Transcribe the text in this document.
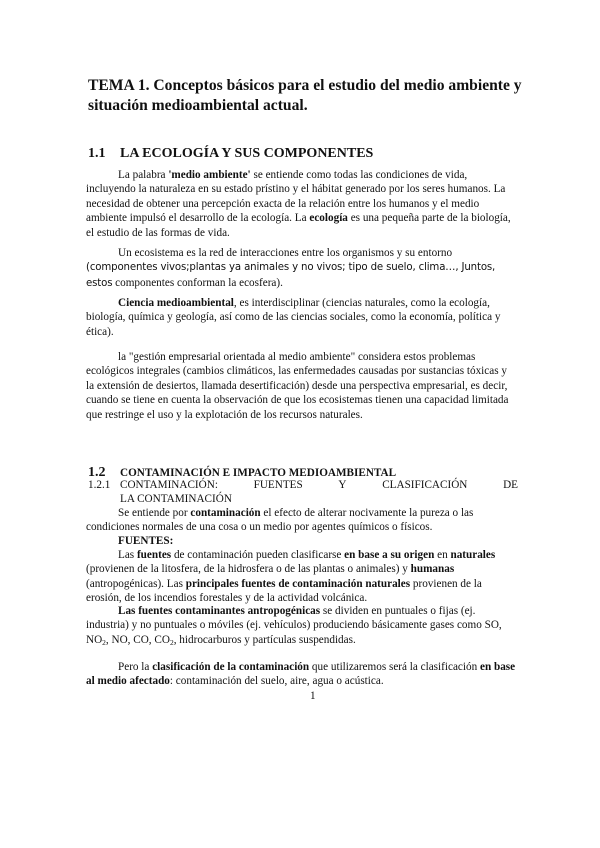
TEMA 1. Conceptos básicos para el estudio del medio ambiente y situación medioambiental actual.
1.1 LA ECOLOGÍA Y SUS COMPONENTES

La palabra 'medio ambiente' se entiende como todas las condiciones de vida, incluyendo la naturaleza en su estado prístino y el hábitat generado por los seres humanos. La necesidad de obtener una percepción exacta de la relación entre los humanos y el medio ambiente impulsó el desarrollo de la ecología. La ecología es una pequeña parte de la biología, el estudio de las formas de vida.

Un ecosistema es la red de interacciones entre los organismos y su entorno (componentes vivos;plantas ya animales y no vivos; tipo de suelo, clima…, Juntos, estos componentes conforman la ecosfera).

Ciencia medioambiental, es interdisciplinar (ciencias naturales, como la ecología, biología, química y geología, así como de las ciencias sociales, como la economía, política y ética).

la "gestión empresarial orientada al medio ambiente" considera estos problemas ecológicos integrales (cambios climáticos, las enfermedades causadas por sustancias tóxicas y la extensión de desiertos, llamada desertificación) desde una perspectiva empresarial, es decir, cuando se tiene en cuenta la observación de que los ecosistemas tienen una capacidad limitada que restringe el uso y la explotación de los recursos naturales.

1.2 CONTAMINACIÓN E IMPACTO MEDIOAMBIENTAL
1.2.1 CONTAMINACIÓN:	FUENTES	Y	CLASIFICACIÓN	DE
LA CONTAMINACIÓN

Se entiende por contaminación el efecto de alterar nocivamente la pureza o las condiciones normales de una cosa o un medio por agentes químicos o físicos.

FUENTES:

Las fuentes de contaminación pueden clasificarse en base a su origen en naturales (provienen de la litosfera, de la hidrosfera o de las plantas o animales) y humanas (antropogénicas). Las principales fuentes de contaminación naturales provienen de la erosión, de los incendios forestales y de la actividad volcánica.

Las fuentes contaminantes antropogénicas se dividen en puntuales o fijas (ej. industria) y no puntuales o móviles (ej. vehículos) produciendo básicamente gases como SO, $NO_2$, NO, CO, $CO_2$, hidrocarburos y partículas suspendidas.

Pero la clasificación de la contaminación que utilizaremos será la clasificación en base al medio afectado: contaminación del suelo, aire, agua o acústica.

1
